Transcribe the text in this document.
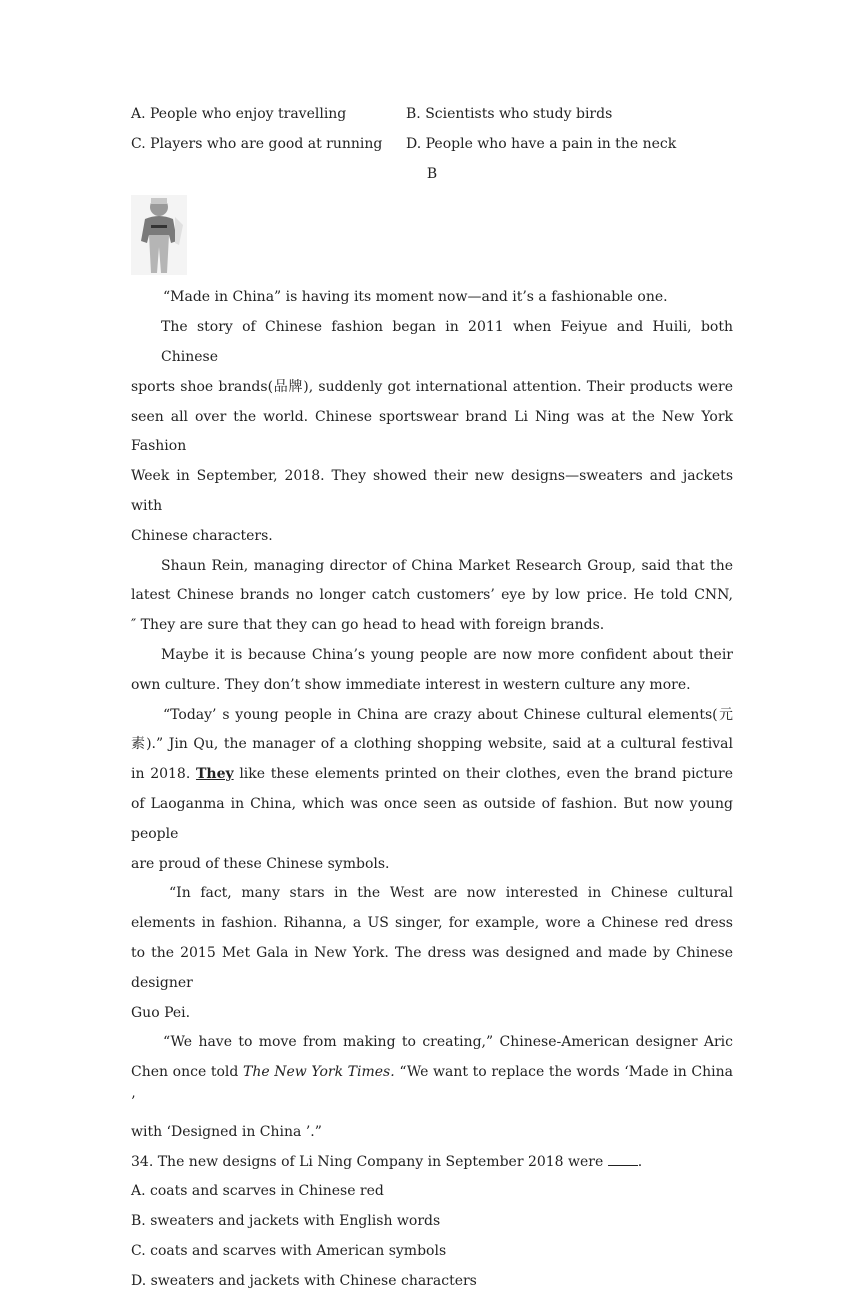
A. People who enjoy travelling	B. Scientists who study birds
C. Players who are good at running	D. People who have a pain in the neck
B

“Made in China” is having its moment now—and it’s a fashionable one.

The story of Chinese fashion began in 2011 when Feiyue and Huili, both Chinese

sports shoe brands(品牌), suddenly got international attention. Their products were

seen all over the world. Chinese sportswear brand Li Ning was at the New York Fashion

Week in September, 2018. They showed their new designs—sweaters and jackets with

Chinese characters.

Shaun Rein, managing director of China Market Research Group, said that the

latest Chinese brands no longer catch customers’ eye by low price. He told CNN,

″ They are sure that they can go head to head with foreign brands.

Maybe it is because China’s young people are now more confident about their

own culture. They don’t show immediate interest in western culture any more.

“Today’ s young people in China are crazy about Chinese cultural elements(元

素).” Jin Qu, the manager of a clothing shopping website, said at a cultural festival

in 2018. They like these elements printed on their clothes, even the brand picture

of Laoganma in China, which was once seen as outside of fashion. But now young people

are proud of these Chinese symbols.

“In fact, many stars in the West are now interested in Chinese cultural

elements in fashion. Rihanna, a US singer, for example, wore a Chinese red dress

to the 2015 Met Gala in New York. The dress was designed and made by Chinese designer

Guo Pei.

“We have to move from making to creating,” Chinese-American designer Aric

Chen once told The New York Times. “We want to replace the words ‘Made in China ’

with ‘Designed in China ’.”

34. The new designs of Li Ning Company in September 2018 were .

A. coats and scarves in Chinese red

B. sweaters and jackets with English words

C. coats and scarves with American symbols

D. sweaters and jackets with Chinese characters
